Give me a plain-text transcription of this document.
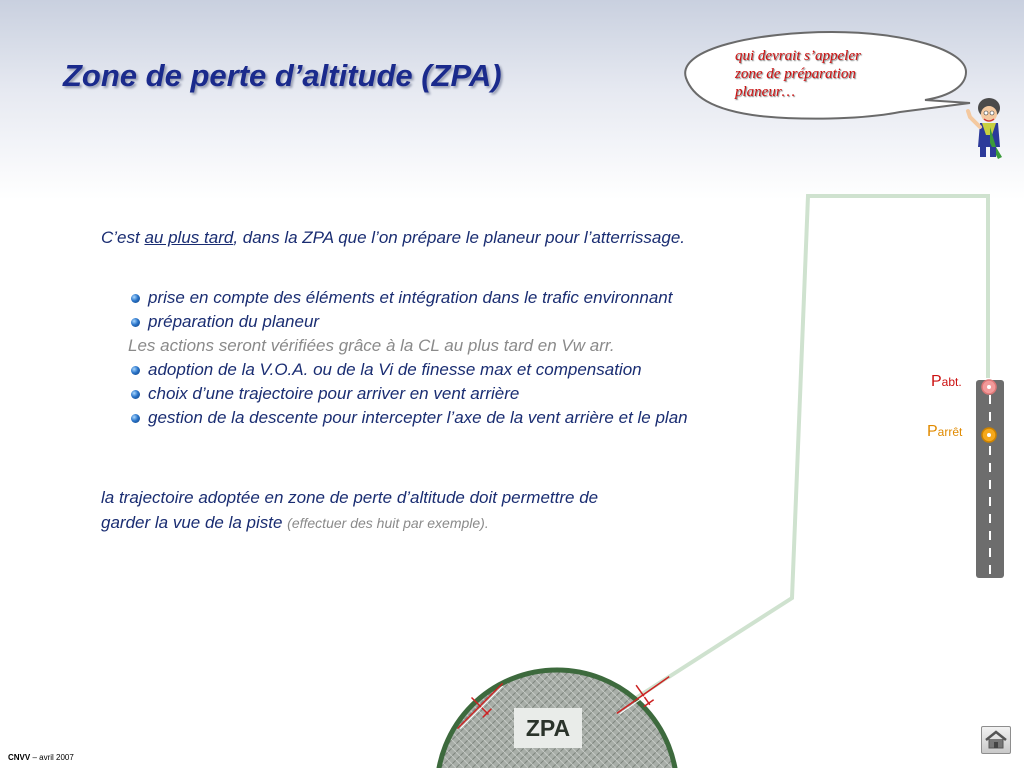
Zone de perte d’altitude (ZPA)
qui devrait s’appeler
zone de préparation
planeur…
C’est au plus tard, dans la ZPA que l’on prépare le planeur pour l’atterrissage.
prise en compte des éléments et intégration dans le trafic environnant
préparation du planeur
Les actions seront vérifiées grâce à la CL au plus tard en Vw arr.
adoption de la V.O.A. ou de la Vi de finesse max et compensation
choix d’une trajectoire pour arriver en vent arrière
gestion de la descente pour intercepter l’axe de la vent arrière et le plan
la trajectoire adoptée en zone de perte d’altitude doit permettre de
garder la vue de la piste (effectuer des huit par exemple).
Pabt.
Parrêt
ZPA
CNVV – avril 2007
